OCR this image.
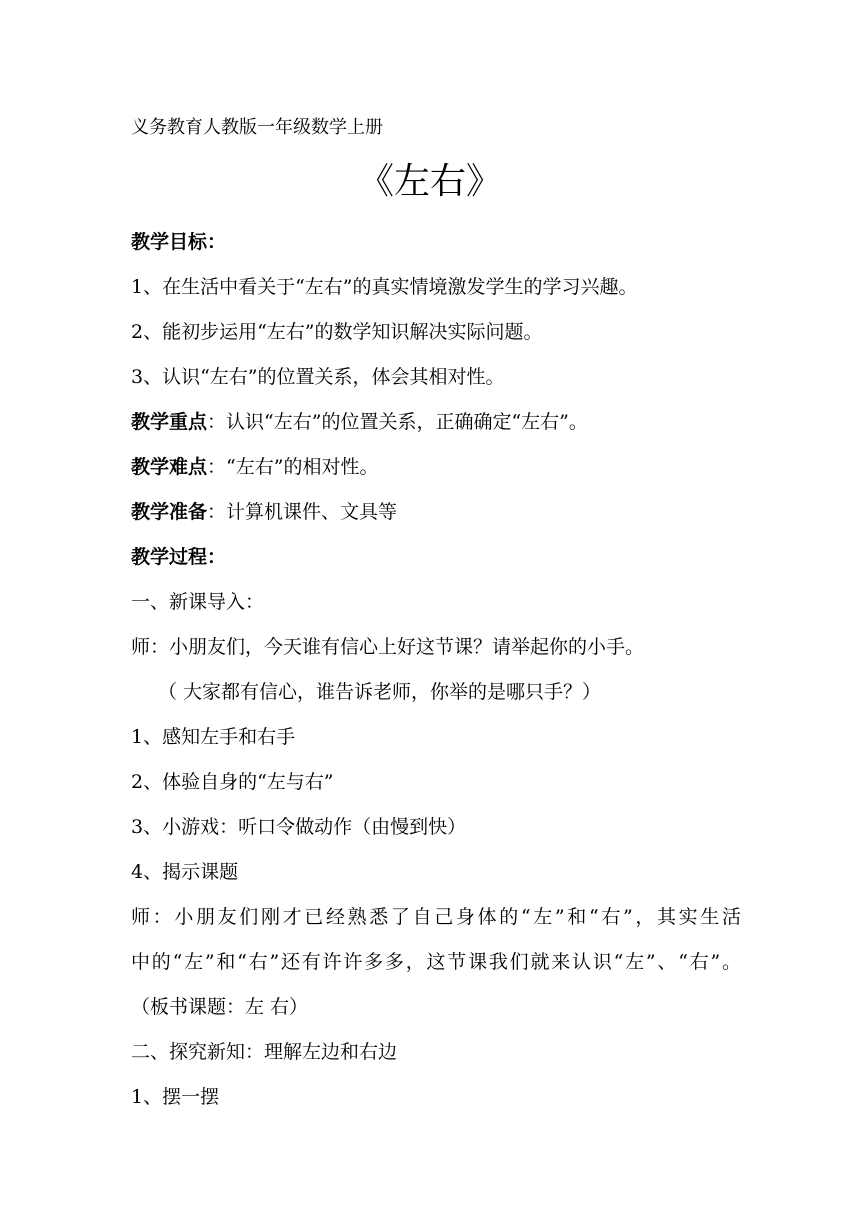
义务教育人教版一年级数学上册
《左右》
教学目标：
1、在生活中看关于“左右”的真实情境激发学生的学习兴趣。
2、能初步运用“左右”的数学知识解决实际问题。
3、认识“左右”的位置关系，体会其相对性。
教学重点：认识“左右”的位置关系，正确确定“左右”。
教学难点：“左右”的相对性。
教学准备：计算机课件、文具等
教学过程：
一、新课导入：
师：小朋友们，今天谁有信心上好这节课？请举起你的小手。
（ 大家都有信心，谁告诉老师，你举的是哪只手？）
1、感知左手和右手
2、体验自身的“左与右”
3、小游戏：听口令做动作（由慢到快）
4、揭示课题
师：小朋友们刚才已经熟悉了自己身体的“左”和“右”，其实生活
中的“左”和“右”还有许许多多，这节课我们就来认识“左”、“右”。
（板书课题：左 右）
二、探究新知：理解左边和右边
1、摆一摆
